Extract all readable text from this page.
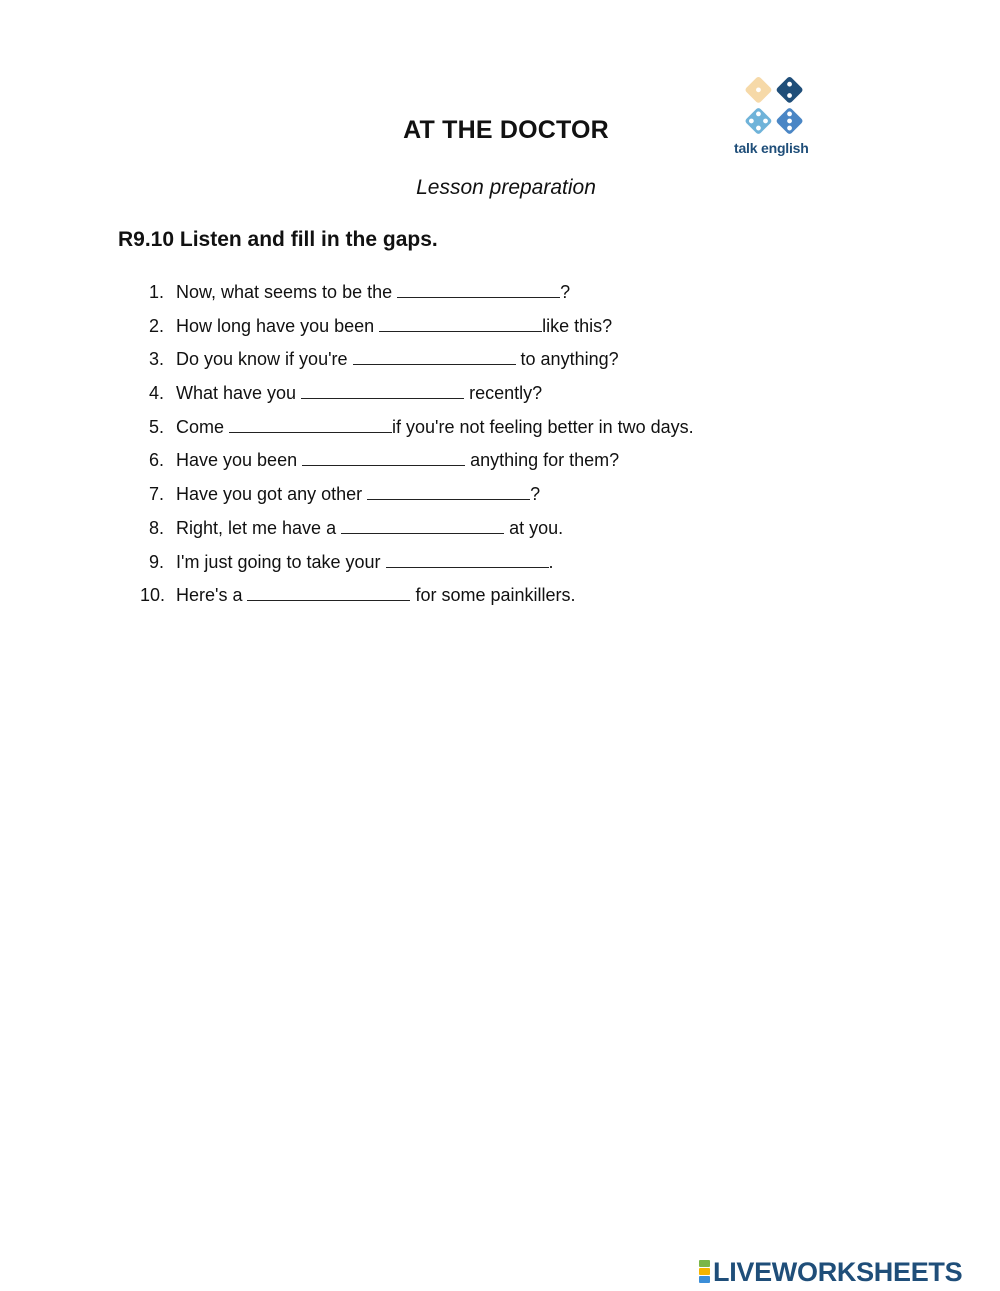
AT THE DOCTOR
talk english
Lesson preparation
R9.10 Listen and fill in the gaps.
1. Now, what seems to be the	?
2. How long have you been	like this?
3. Do you know if you're	to anything?
4. What have you	recently?
5. Come	if you're not feeling better in two days.
6. Have you been	anything for them?
7. Have you got any other	?
8. Right, let me have a	at you.
9. I'm just going to take your	.
10. Here's a	for some painkillers.
LIVEWORKSHEETS
